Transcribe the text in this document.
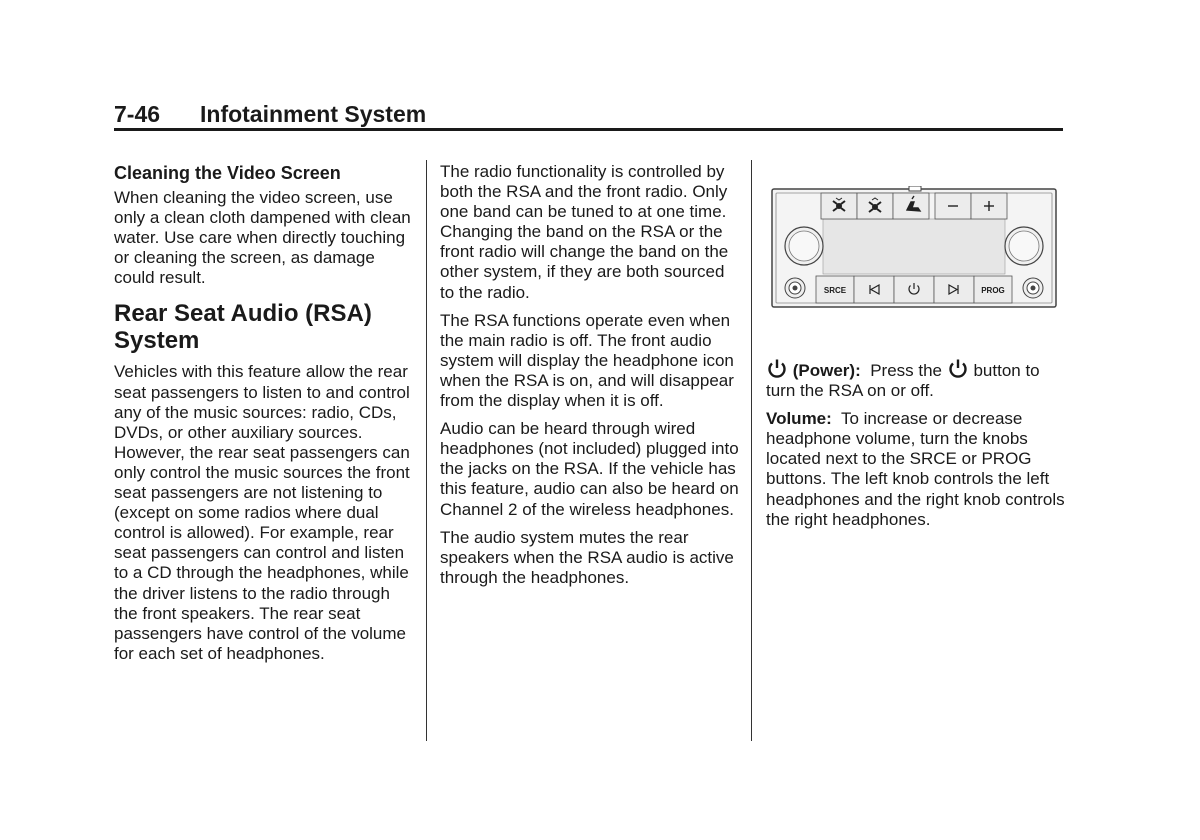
7-46 Infotainment System
Cleaning the Video Screen

When cleaning the video screen, use only a clean cloth dampened with clean water. Use care when directly touching or cleaning the screen, as damage could result.

Rear Seat Audio (RSA) System

Vehicles with this feature allow the rear seat passengers to listen to and control any of the music sources: radio, CDs, DVDs, or other auxiliary sources. However, the rear seat passengers can only control the music sources the front seat passengers are not listening to (except on some radios where dual control is allowed). For example, rear seat passengers can control and listen to a CD through the headphones, while the driver listens to the radio through the front speakers. The rear seat passengers have control of the volume for each set of headphones.

The radio functionality is controlled by both the RSA and the front radio. Only one band can be tuned to at one time. Changing the band on the RSA or the front radio will change the band on the other system, if they are both sourced to the radio.

The RSA functions operate even when the main radio is off. The front audio system will display the headphone icon when the RSA is on, and will disappear from the display when it is off.

Audio can be heard through wired headphones (not included) plugged into the jacks on the RSA. If the vehicle has this feature, audio can also be heard on Channel 2 of the wireless headphones.

The audio system mutes the rear speakers when the RSA audio is active through the headphones.

SRCE	PROG

(Power): Press the button to turn the RSA on or off.

Volume: To increase or decrease headphone volume, turn the knobs located next to the SRCE or PROG buttons. The left knob controls the left headphones and the right knob controls the right headphones.
